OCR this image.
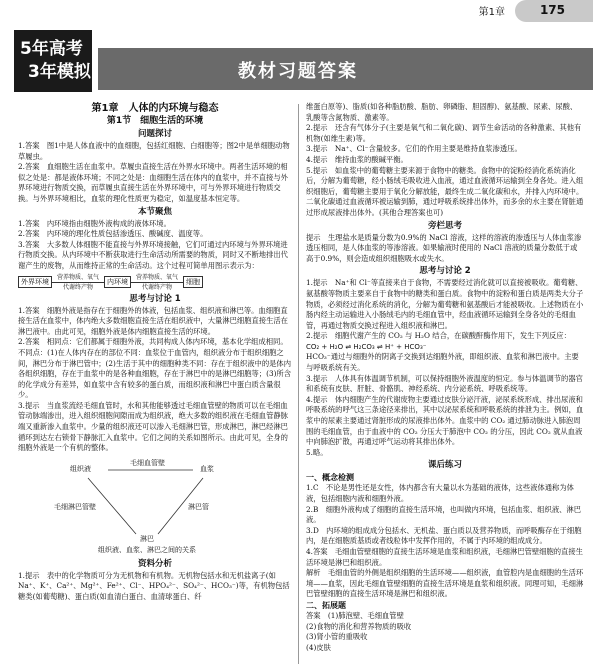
第1章	175
5年高考
3年模拟	教材习题答案
第1章　人体的内环境与稳态
第1节　细胞生活的环境
问题探讨

1.答案　图1中是人体血液中的血细胞，包括红细胞、白细胞等；图2中是单细胞动物草履虫。

2.答案　血细胞生活在血浆中。草履虫直接生活在外界水环境中。两者生活环境的相似之处是：都是液体环境；不同之处是：血细胞生活在体内的血浆中，并不直接与外界环境进行物质交换，而草履虫直接生活在外界环境中，可与外界环境进行物质交换。与外界环境相比，血浆的理化性质更为稳定，如温度基本恒定等。

本节聚焦

1.答案　内环境指由细胞外液构成的液体环境。

2.答案　内环境的理化性质包括渗透压、酸碱度、温度等。

3.答案　大多数人体细胞不能直接与外界环境接触，它们可通过内环境与外界环境进行物质交换。从内环境中不断获取进行生命活动所需要的物质，同时又不断地排出代谢产生的废物，从而维持正常的生命活动。这个过程可简单用图示表示为：

外界环境
营养物质、氧气
代谢终产物
内环境
营养物质、氧气
代谢终产物
细胞
思考与讨论 1

1.答案　细胞外液是指存在于细胞外的体液，包括血浆、组织液和淋巴等。血细胞直接生活在血浆中，体内绝大多数细胞直接生活在组织液中，大量淋巴细胞直接生活在淋巴液中。由此可见，细胞外液是体内细胞直接生活的环境。

2.答案　相同点：它们都属于细胞外液，共同构成人体内环境，基本化学组成相同。

不同点：(1)在人体内存在的部位不同：血浆位于血管内，组织液分布于组织细胞之间，淋巴分布于淋巴管中；(2)生活于其中的细胞种类不同：存在于组织液中的是体内各组织细胞，存在于血浆中的是各种血细胞，存在于淋巴中的是淋巴细胞等；(3)所含的化学成分有差异，如血浆中含有较多的蛋白质，而组织液和淋巴中蛋白质含量很少。

3.提示　当血浆流经毛细血管时，水和其他能够透过毛细血管壁的物质可以在毛细血管动脉端渗出，进入组织细胞间隙而成为组织液，绝大多数的组织液在毛细血管静脉端又重新渗入血浆中。少量的组织液还可以渗入毛细淋巴管，形成淋巴，淋巴经淋巴循环到达左右锁骨下静脉汇入血浆中。它们之间的关系如图所示。由此可见，全身的细胞外液是一个有机的整体。

组织液	血浆
毛细血管壁
毛细淋巴管壁	淋巴管
淋巴
组织液、血浆、淋巴之间的关系
资料分析

1.提示　表中的化学物质可分为无机物和有机物。无机物包括水和无机盐离子(如 Na⁺、K⁺、Ca²⁺、Mg²⁺、Fe²⁺、Cl⁻、HPO₄²⁻、SO₄²⁻、HCO₃⁻)等，有机物包括糖类(如葡萄糖)、蛋白质(如血清白蛋白、血清球蛋白、纤

维蛋白原等)、脂质(如各种脂肪酸、脂肪、卵磷脂、胆固醇)、氨基酸、尿素、尿酸、乳酸等含氮物质、激素等。

2.提示　还含有气体分子(主要是氧气和二氧化碳)、调节生命活动的各种激素、其他有机物(如维生素)等。

3.提示　Na⁺、Cl⁻含量较多。它们的作用主要是维持血浆渗透压。

4.提示　维持血浆的酸碱平衡。

5.提示　如血浆中的葡萄糖主要来源于食物中的糖类。食物中的淀粉经消化系统消化后，分解为葡萄糖，经小肠绒毛吸收进入血液，通过血液循环运输到全身各处。进入组织细胞后，葡萄糖主要用于氧化分解放能，最终生成二氧化碳和水，并排入内环境中。二氧化碳通过血液循环被运输到肺，通过呼吸系统排出体外，而多余的水主要在肾脏通过形成尿液排出体外。(其他合理答案也可)

旁栏思考

提示　生理盐水是质量分数为0.9%的 NaCl 溶液，这样的溶液的渗透压与人体血浆渗透压相同，是人体血浆的等渗溶液。如果输液时使用的 NaCl 溶液的质量分数低于或高于0.9%，则会造成组织细胞吸水或失水。

思考与讨论 2

1.提示　Na⁺和 Cl⁻等直接来自于食物，不需要经过消化就可以直接被吸收。葡萄糖、氨基酸等物质主要来自于食物中的糖类和蛋白质。食物中的淀粉和蛋白质是两类大分子物质，必须经过消化系统的消化，分解为葡萄糖和氨基酸后才能被吸收。上述物质在小肠内经主动运输进入小肠绒毛内的毛细血管中，经血液循环运输到全身各处的毛细血管，再通过物质交换过程进入组织液和淋巴。

2.提示　细胞代谢产生的 CO₂ 与 H₂O 结合，在碳酸酐酶作用下，发生下列反应：

CO₂ + H₂O ⇌ H₂CO₃ ⇌ H⁺ + HCO₃⁻

HCO₃⁻通过与细胞外的阴离子交换到达细胞外液，即组织液、血浆和淋巴液中。主要与呼吸系统有关。

3.提示　人体具有体温调节机制，可以保持细胞外液温度的恒定。参与体温调节的器官和系统有皮肤、肝脏、骨骼肌、神经系统、内分泌系统、呼吸系统等。

4.提示　体内细胞产生的代谢废物主要通过皮肤分泌汗液，泌尿系统形成、排出尿液和呼吸系统的呼气这三条途径来排出，其中以泌尿系统和呼吸系统的排泄为主。例如，血浆中的尿素主要通过肾脏形成的尿液排出体外。血浆中的 CO₂ 通过肺动脉进入肺泡周围的毛细血管，由于血液中的 CO₂ 分压大于肺泡中 CO₂ 的分压，因此 CO₂ 就从血液中向肺泡扩散，再通过呼气运动将其排出体外。

5.略。

课后练习
一、概念检测

1.C　不论是男性还是女性，体内都含有大量以水为基础的液体，这些液体通称为体液，包括细胞内液和细胞外液。

2.B　细胞外液构成了细胞的直接生活环境，也叫做内环境，包括血浆、组织液、淋巴液。

3.D　内环境的组成成分包括水、无机盐、蛋白质以及营养物质，而呼吸酶存在于细胞内，是在细胞质基质或者线粒体中发挥作用的，不属于内环境的组成成分。

4.答案　毛细血管壁细胞的直接生活环境是血浆和组织液，毛细淋巴管壁细胞的直接生活环境是淋巴和组织液。

解析　毛细血管的外侧是组织细胞的生活环境——组织液，血管腔内是血细胞的生活环境——血浆，因此毛细血管壁细胞的直接生活环境是血浆和组织液。同理可知，毛细淋巴管壁细胞的直接生活环境是淋巴和组织液。

二、拓展题

答案　(1)肺泡壁、毛细血管壁

(2)食物的消化和营养物质的吸收

(3)肾小管的重吸收

(4)皮肤
